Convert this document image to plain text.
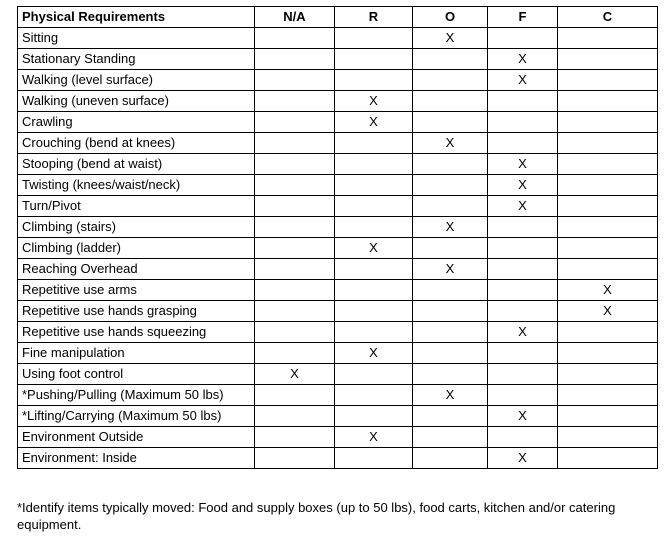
Physical Requirements	N/A	R	O	F	C
Sitting			X		
Stationary Standing				X	
Walking (level surface)				X	
Walking (uneven surface)		X			
Crawling		X			
Crouching (bend at knees)			X		
Stooping (bend at waist)				X	
Twisting (knees/waist/neck)				X	
Turn/Pivot				X	
Climbing (stairs)			X		
Climbing (ladder)		X			
Reaching Overhead			X		
Repetitive use arms					X
Repetitive use hands grasping					X
Repetitive use hands squeezing				X	
Fine manipulation		X			
Using foot control	X				
*Pushing/Pulling (Maximum 50 lbs)			X		
*Lifting/Carrying (Maximum 50 lbs)				X	
Environment Outside		X			
Environment: Inside				X	
*Identify items typically moved: Food and supply boxes (up to 50 lbs), food carts, kitchen and/or catering equipment.
